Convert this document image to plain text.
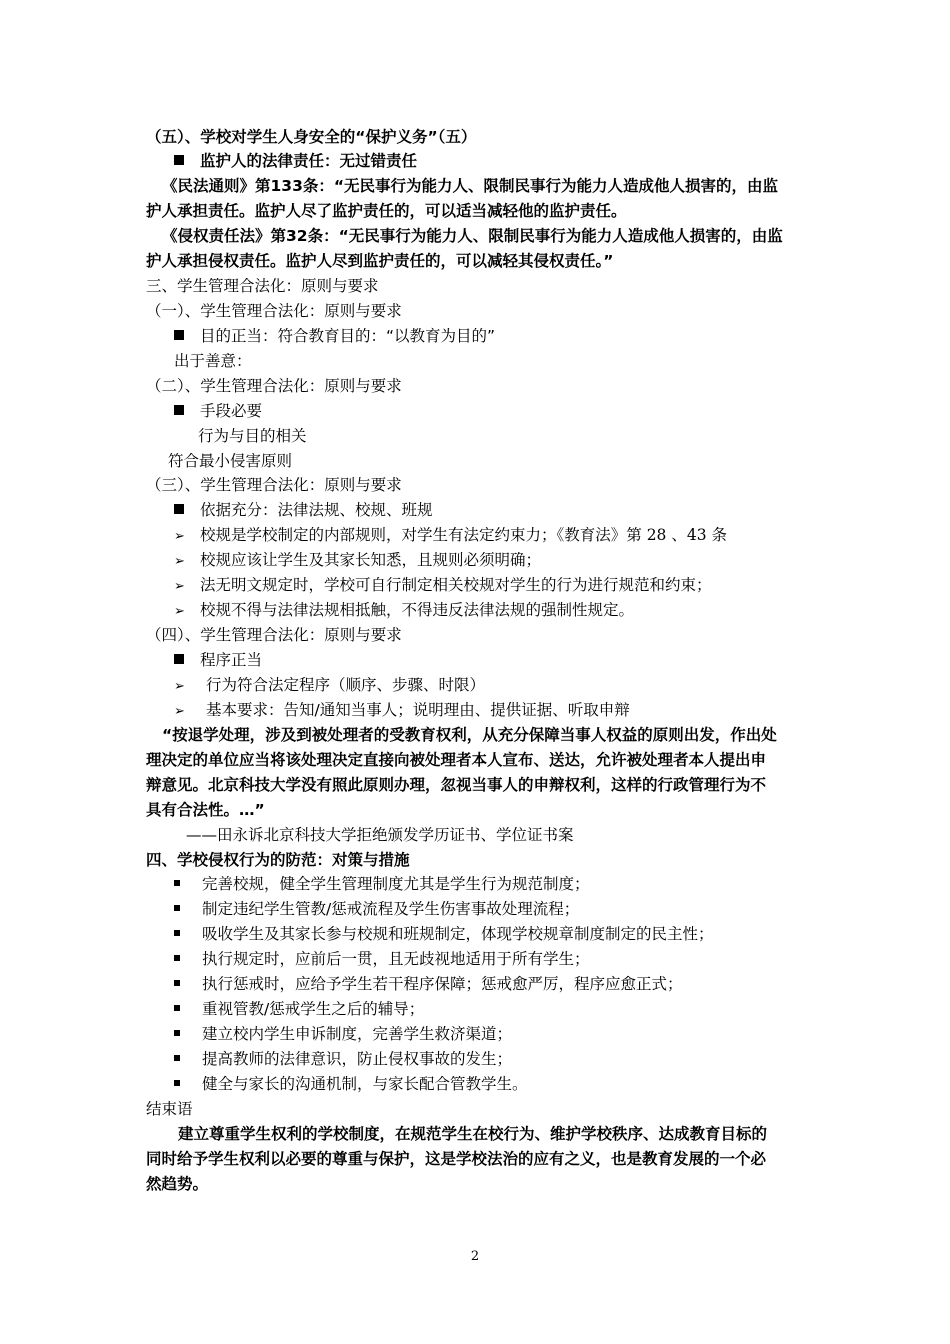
（五）、学校对学生人身安全的“保护义务”（五）
监护人的法律责任：无过错责任
《民法通则》第133条：“无民事行为能力人、限制民事行为能力人造成他人损害的，由监
护人承担责任。监护人尽了监护责任的，可以适当减轻他的监护责任。
《侵权责任法》第32条：“无民事行为能力人、限制民事行为能力人造成他人损害的，由监
护人承担侵权责任。监护人尽到监护责任的，可以减轻其侵权责任。”
三、学生管理合法化：原则与要求
（一）、学生管理合法化：原则与要求
目的正当：符合教育目的：“以教育为目的”
出于善意：
（二）、学生管理合法化：原则与要求
手段必要
行为与目的相关
符合最小侵害原则
（三）、学生管理合法化：原则与要求
依据充分：法律法规、校规、班规
➢ 校规是学校制定的内部规则，对学生有法定约束力；《教育法》第 28 、43 条
➢ 校规应该让学生及其家长知悉，且规则必须明确；
➢ 法无明文规定时，学校可自行制定相关校规对学生的行为进行规范和约束；
➢ 校规不得与法律法规相抵触，不得违反法律法规的强制性规定。
（四）、学生管理合法化：原则与要求
程序正当
➢ 行为符合法定程序（顺序、步骤、时限）
➢ 基本要求：告知/通知当事人；说明理由、提供证据、听取申辩
“按退学处理，涉及到被处理者的受教育权利，从充分保障当事人权益的原则出发，作出处
理决定的单位应当将该处理决定直接向被处理者本人宣布、送达，允许被处理者本人提出申
辩意见。北京科技大学没有照此原则办理，忽视当事人的申辩权利，这样的行政管理行为不
具有合法性。…”
——田永诉北京科技大学拒绝颁发学历证书、学位证书案
四、学校侵权行为的防范：对策与措施
完善校规，健全学生管理制度尤其是学生行为规范制度；
制定违纪学生管教/惩戒流程及学生伤害事故处理流程；
吸收学生及其家长参与校规和班规制定，体现学校规章制度制定的民主性；
执行规定时，应前后一贯，且无歧视地适用于所有学生；
执行惩戒时，应给予学生若干程序保障；惩戒愈严厉，程序应愈正式；
重视管教/惩戒学生之后的辅导；
建立校内学生申诉制度，完善学生救济渠道；
提高教师的法律意识，防止侵权事故的发生；
健全与家长的沟通机制，与家长配合管教学生。
结束语
建立尊重学生权利的学校制度，在规范学生在校行为、维护学校秩序、达成教育目标的
同时给予学生权利以必要的尊重与保护，这是学校法治的应有之义，也是教育发展的一个必
然趋势。
2
